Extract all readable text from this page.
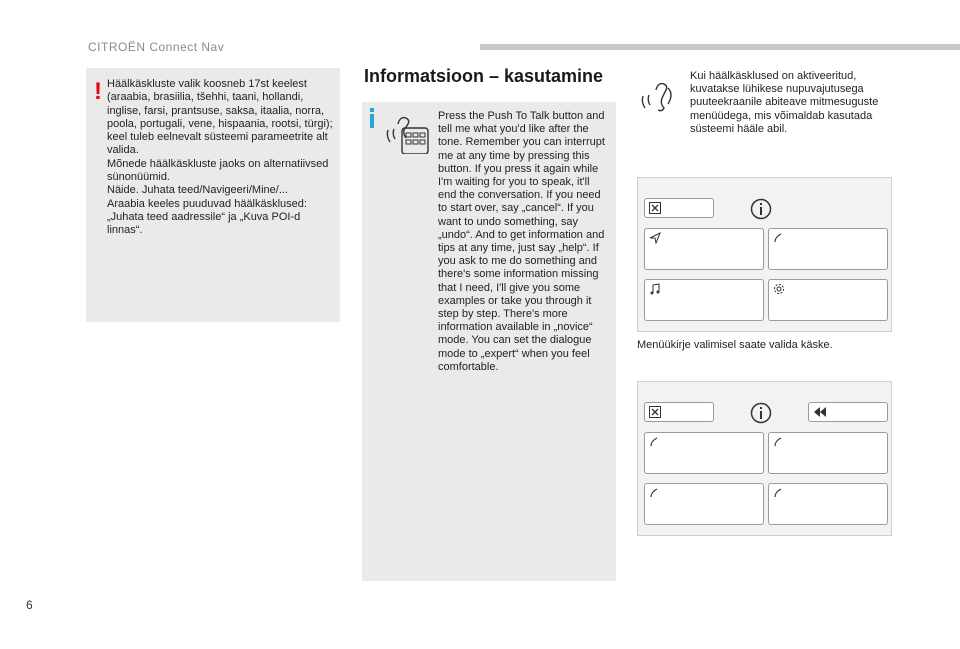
CITROËN Connect Nav
! Häälkäskluste valik koosneb 17st keelest (araabia, brasiilia, tšehhi, taani, hollandi, inglise, farsi, prantsuse, saksa, itaalia, norra, poola, portugali, vene, hispaania, rootsi, türgi); keel tuleb eelnevalt süsteemi parameetrite alt valida.

Mõnede häälkäskluste jaoks on alternatiivsed sünonüümid.

Näide. Juhata teed/Navigeeri/Mine/...

Araabia keeles puuduvad häälkäsklused: „Juhata teed aadressile“ ja „Kuva POI-d linnas“.

Informatsioon – kasutamine
Press the Push To Talk button and tell me what you'd like after the tone. Remember you can interrupt me at any time by pressing this button. If you press it again while I'm waiting for you to speak, it'll end the conversation. If you need to start over, say „cancel“. If you want to undo something, say „undo“. And to get information and tips at any time, just say „help“. If you ask to me do something and there's some information missing that I need, I'll give you some examples or take you through it step by step. There's more information available in „novice“ mode. You can set the dialogue mode to „expert“ when you feel comfortable.
Kui häälkäsklused on aktiveeritud, kuvatakse lühikese nupuvajutusega puuteekraanile abiteave mitmesuguste menüüdega, mis võimaldab kasutada süsteemi hääle abil.
Menüükirje valimisel saate valida käske.
6
